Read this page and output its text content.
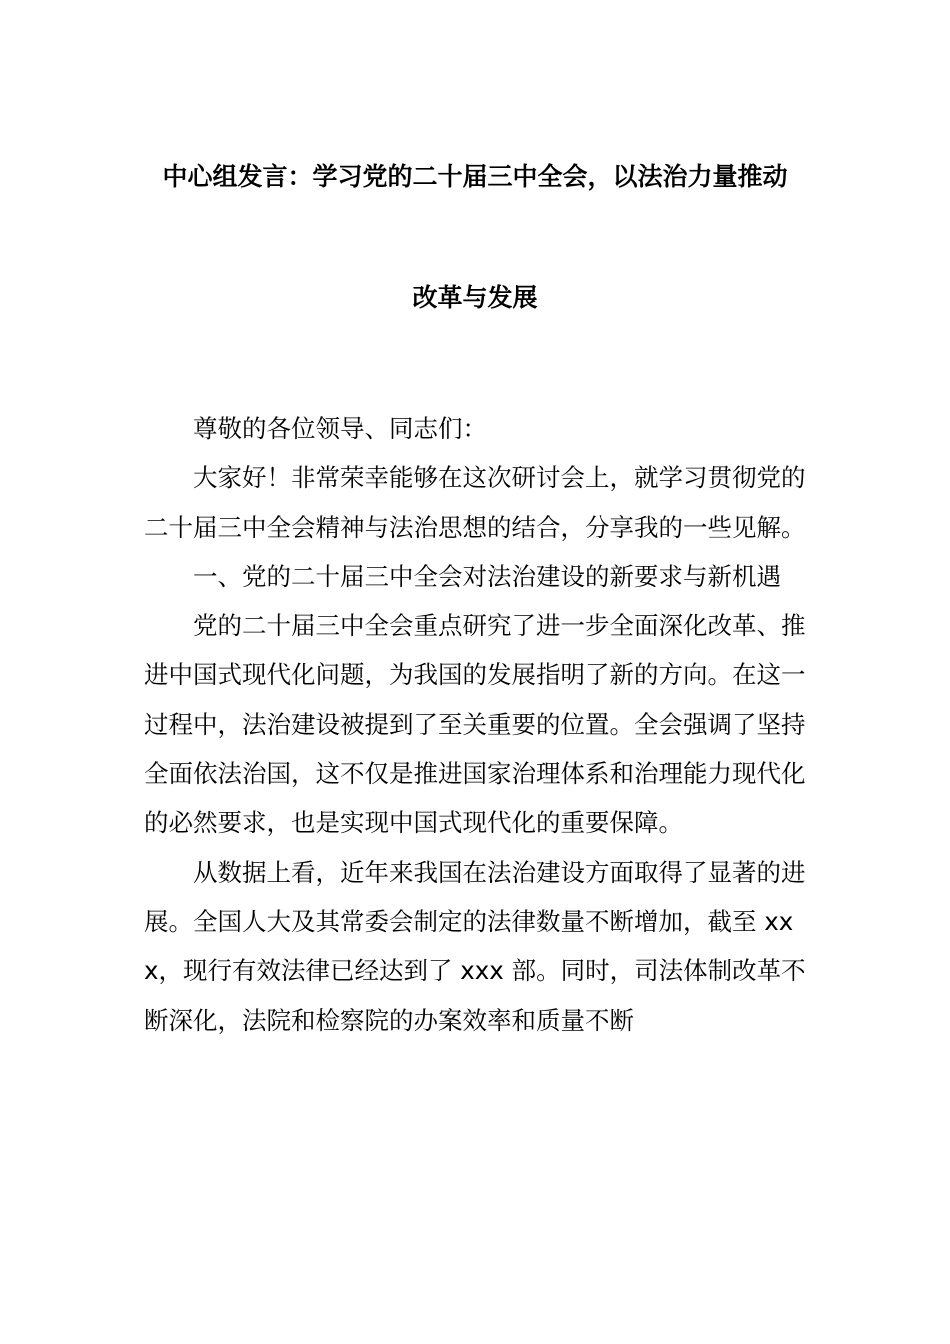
中心组发言：学习党的二十届三中全会，以法治力量推动
改革与发展

尊敬的各位领导、同志们：

大家好！非常荣幸能够在这次研讨会上，就学习贯彻党的二十届三中全会精神与法治思想的结合，分享我的一些见解。

一、党的二十届三中全会对法治建设的新要求与新机遇

党的二十届三中全会重点研究了进一步全面深化改革、推进中国式现代化问题，为我国的发展指明了新的方向。在这一过程中，法治建设被提到了至关重要的位置。全会强调了坚持全面依法治国，这不仅是推进国家治理体系和治理能力现代化的必然要求，也是实现中国式现代化的重要保障。

从数据上看，近年来我国在法治建设方面取得了显著的进展。全国人大及其常委会制定的法律数量不断增加，截至 xxx，现行有效法律已经达到了 xxx 部。同时，司法体制改革不断深化，法院和检察院的办案效率和质量不断
